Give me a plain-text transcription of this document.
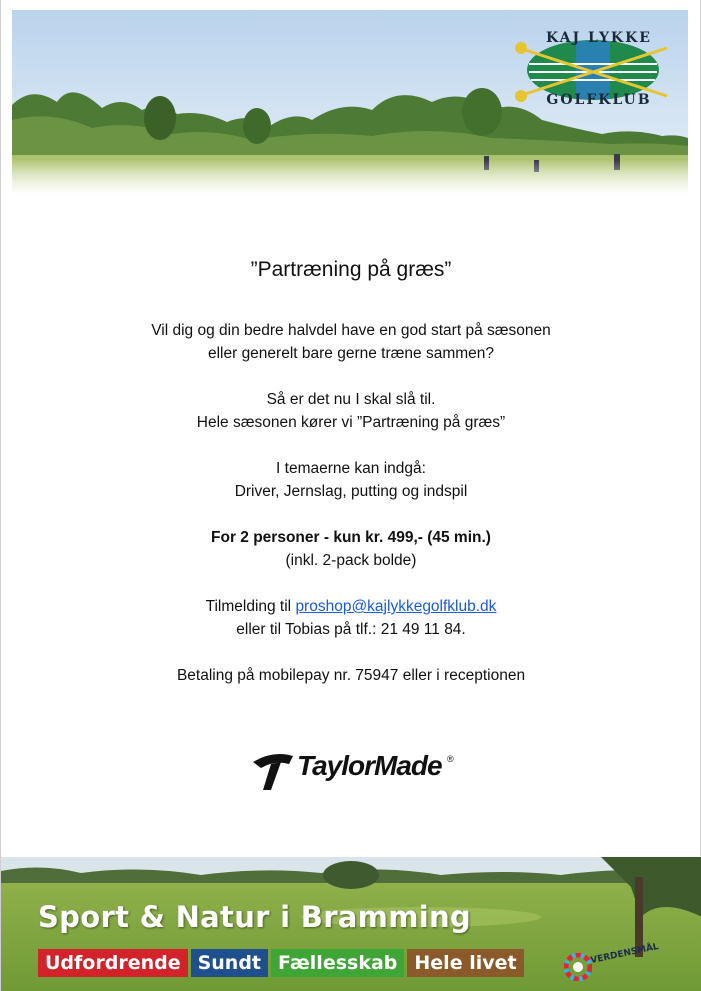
KAJ LYKKE
GOLFKLUB
”Partræning på græs”

Vil dig og din bedre halvdel have en god start på sæsonen

eller generelt bare gerne træne sammen?

Så er det nu I skal slå til.

Hele sæsonen kører vi ”Partræning på græs”

I temaerne kan indgå:

Driver, Jernslag, putting og indspil

For 2 personer - kun kr. 499,- (45 min.)

(inkl. 2-pack bolde)

Tilmelding til proshop@kajlykkegolfklub.dk

eller til Tobias på tlf.: 21 49 11 84.

Betaling på mobilepay nr. 75947 eller i receptionen

TaylorMade ®
Sport & Natur i Bramming
Udfordrende Sundt Fællesskab Hele livet	VERDENSMÅL
